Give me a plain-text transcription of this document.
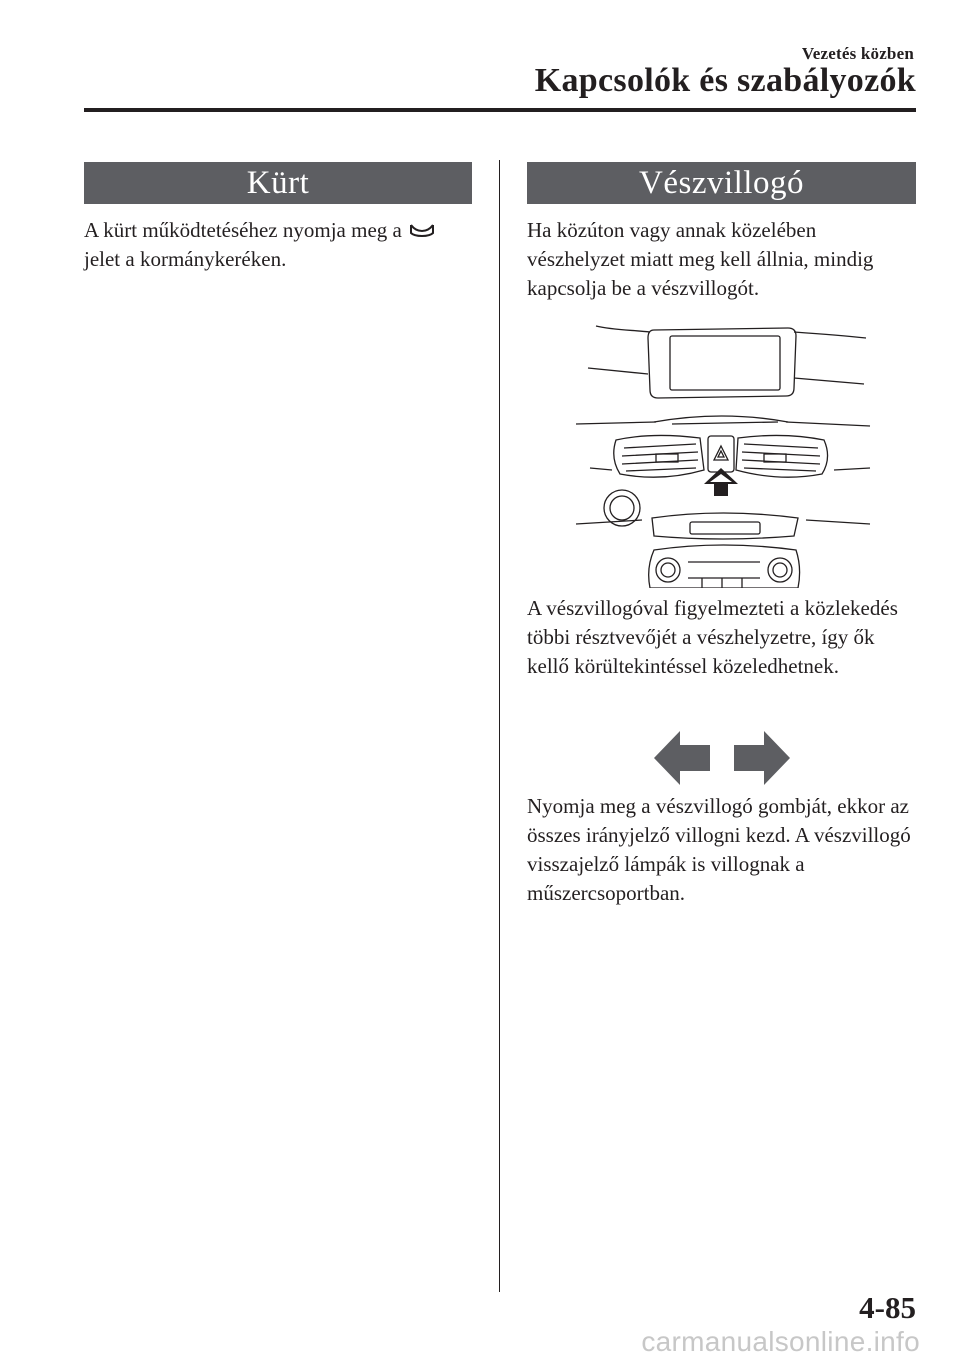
Vezetés közben
Kapcsolók és szabályozók
Kürt

A kürt működtetéséhez nyomja meg a
jelet a kormánykeréken.

Vészvillogó

Ha közúton vagy annak közelében vészhelyzet miatt meg kell állnia, mindig kapcsolja be a vészvillogót.

A vészvillogóval figyelmezteti a közlekedés többi résztvevőjét a vészhelyzetre, így ők kellő körültekintéssel közeledhetnek.

Nyomja meg a vészvillogó gombját, ekkor az összes irányjelző villogni kezd. A vészvillogó visszajelző lámpák is villognak a műszercsoportban.

4-85
carmanualsonline.info
